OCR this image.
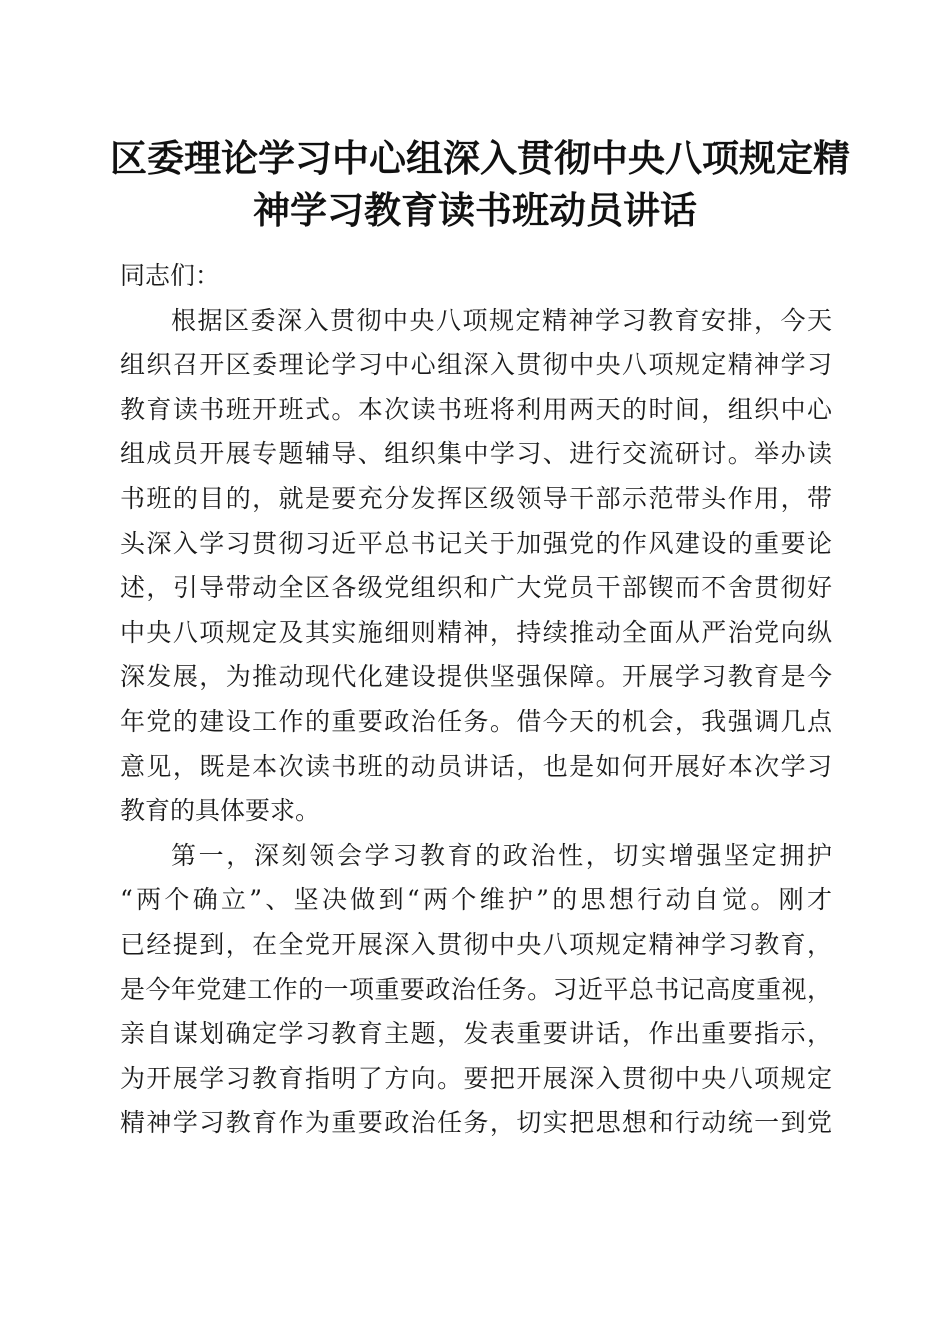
区委理论学习中心组深入贯彻中央八项规定精
神学习教育读书班动员讲话
同志们：
根据区委深入贯彻中央八项规定精神学习教育安排，今天
组织召开区委理论学习中心组深入贯彻中央八项规定精神学习
教育读书班开班式。本次读书班将利用两天的时间，组织中心
组成员开展专题辅导、组织集中学习、进行交流研讨。举办读
书班的目的，就是要充分发挥区级领导干部示范带头作用，带
头深入学习贯彻习近平总书记关于加强党的作风建设的重要论
述，引导带动全区各级党组织和广大党员干部锲而不舍贯彻好
中央八项规定及其实施细则精神，持续推动全面从严治党向纵
深发展，为推动现代化建设提供坚强保障。开展学习教育是今
年党的建设工作的重要政治任务。借今天的机会，我强调几点
意见，既是本次读书班的动员讲话，也是如何开展好本次学习
教育的具体要求。
第一，深刻领会学习教育的政治性，切实增强坚定拥护
“两个确立”、坚决做到“两个维护”的思想行动自觉。刚才
已经提到，在全党开展深入贯彻中央八项规定精神学习教育，
是今年党建工作的一项重要政治任务。习近平总书记高度重视，
亲自谋划确定学习教育主题，发表重要讲话，作出重要指示，
为开展学习教育指明了方向。要把开展深入贯彻中央八项规定
精神学习教育作为重要政治任务，切实把思想和行动统一到党
